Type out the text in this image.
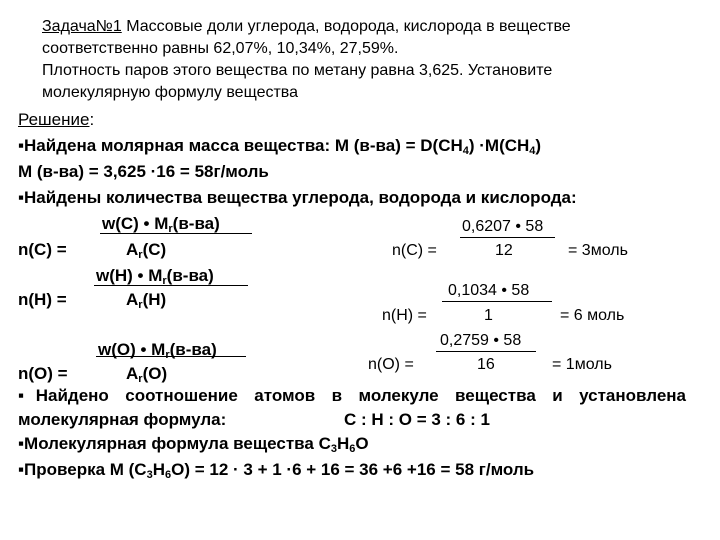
Задача№1 Массовые доли углерода, водорода, кислорода в веществе
соответственно равны 62,07%, 10,34%, 27,59%.
Плотность паров этого вещества по метану равна 3,625. Установите
молекулярную формулу вещества
Решение:
▪Найдена молярная масса вещества: M $(в-ва) = D(CH_4) \cdot M(CH_4)$
M (в-ва) = 3,625 ·16 = 58г/моль
▪Найдены количества вещества углерода, водорода и кислорода:
w(C) • $M_r(в-ва)$
n(C) =	$A_r(C)$
0,6207 • 58
n(C) =	12	= 3моль
w(H) • $M_r(в-ва)$
n(H) =	$A_r(H)$	0,1034 • 58
n(H) =	1	= 6 моль
w(O) • $M_r(в-ва)$
n(O) =	$A_r(O)$
0,2759 • 58
n(O) =	16	= 1моль
▪Найдено соотношение атомов в молекуле вещества и установлена
молекулярная формула:	C : H : O = 3 : 6 : 1
▪Молекулярная формула вещества $C_3H_6O$
▪Проверка M $(C_3H_6O) = 12 \cdot 3 + 1 \cdot 6 + 16 = 36 +6 +16 = 58$ г/моль
